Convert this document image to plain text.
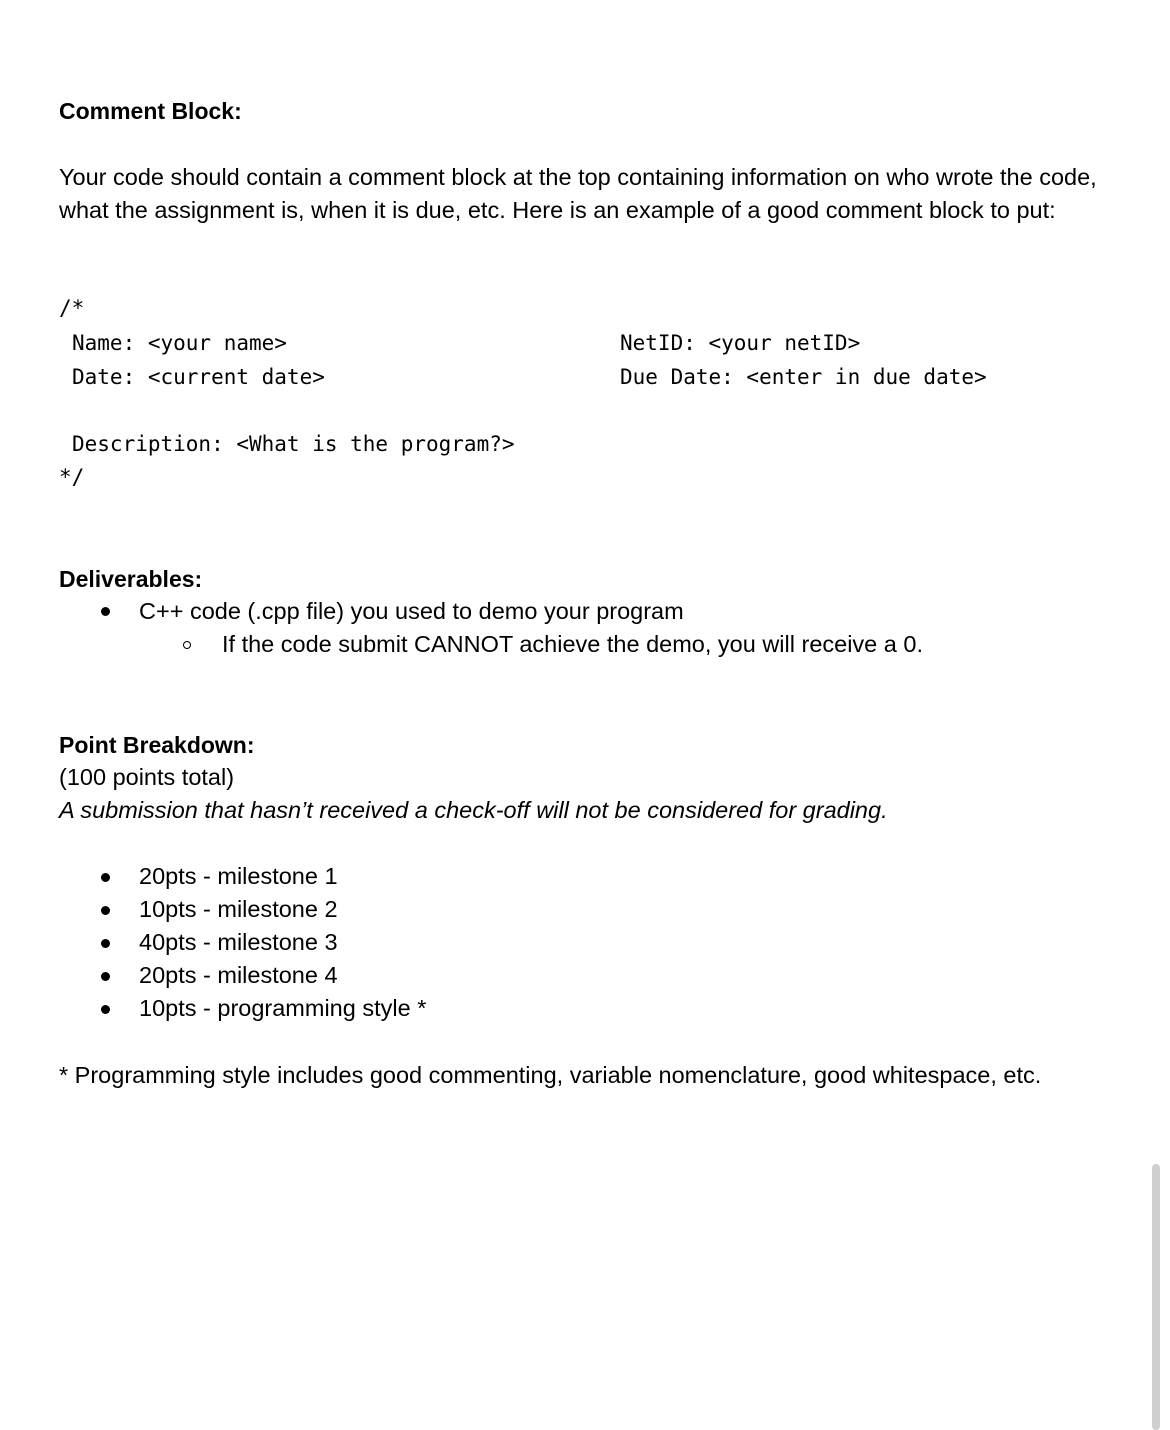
Comment Block:

Your code should contain a comment block at the top containing information on who wrote the code, what the assignment is, when it is due, etc. Here is an example of a good comment block to put:

/*
Name: <your name>	NetID: <your netID>
Date: <current date>	Due Date: <enter in due date>
Description: <What is the program?>
*/
Deliverables:
C++ code (.cpp file) you used to demo your program
If the code submit CANNOT achieve the demo, you will receive a 0.
Point Breakdown:

(100 points total)

A submission that hasn’t received a check-off will not be considered for grading.

20pts - milestone 1
10pts - milestone 2
40pts - milestone 3
20pts - milestone 4
10pts - programming style *

* Programming style includes good commenting, variable nomenclature, good whitespace, etc.
